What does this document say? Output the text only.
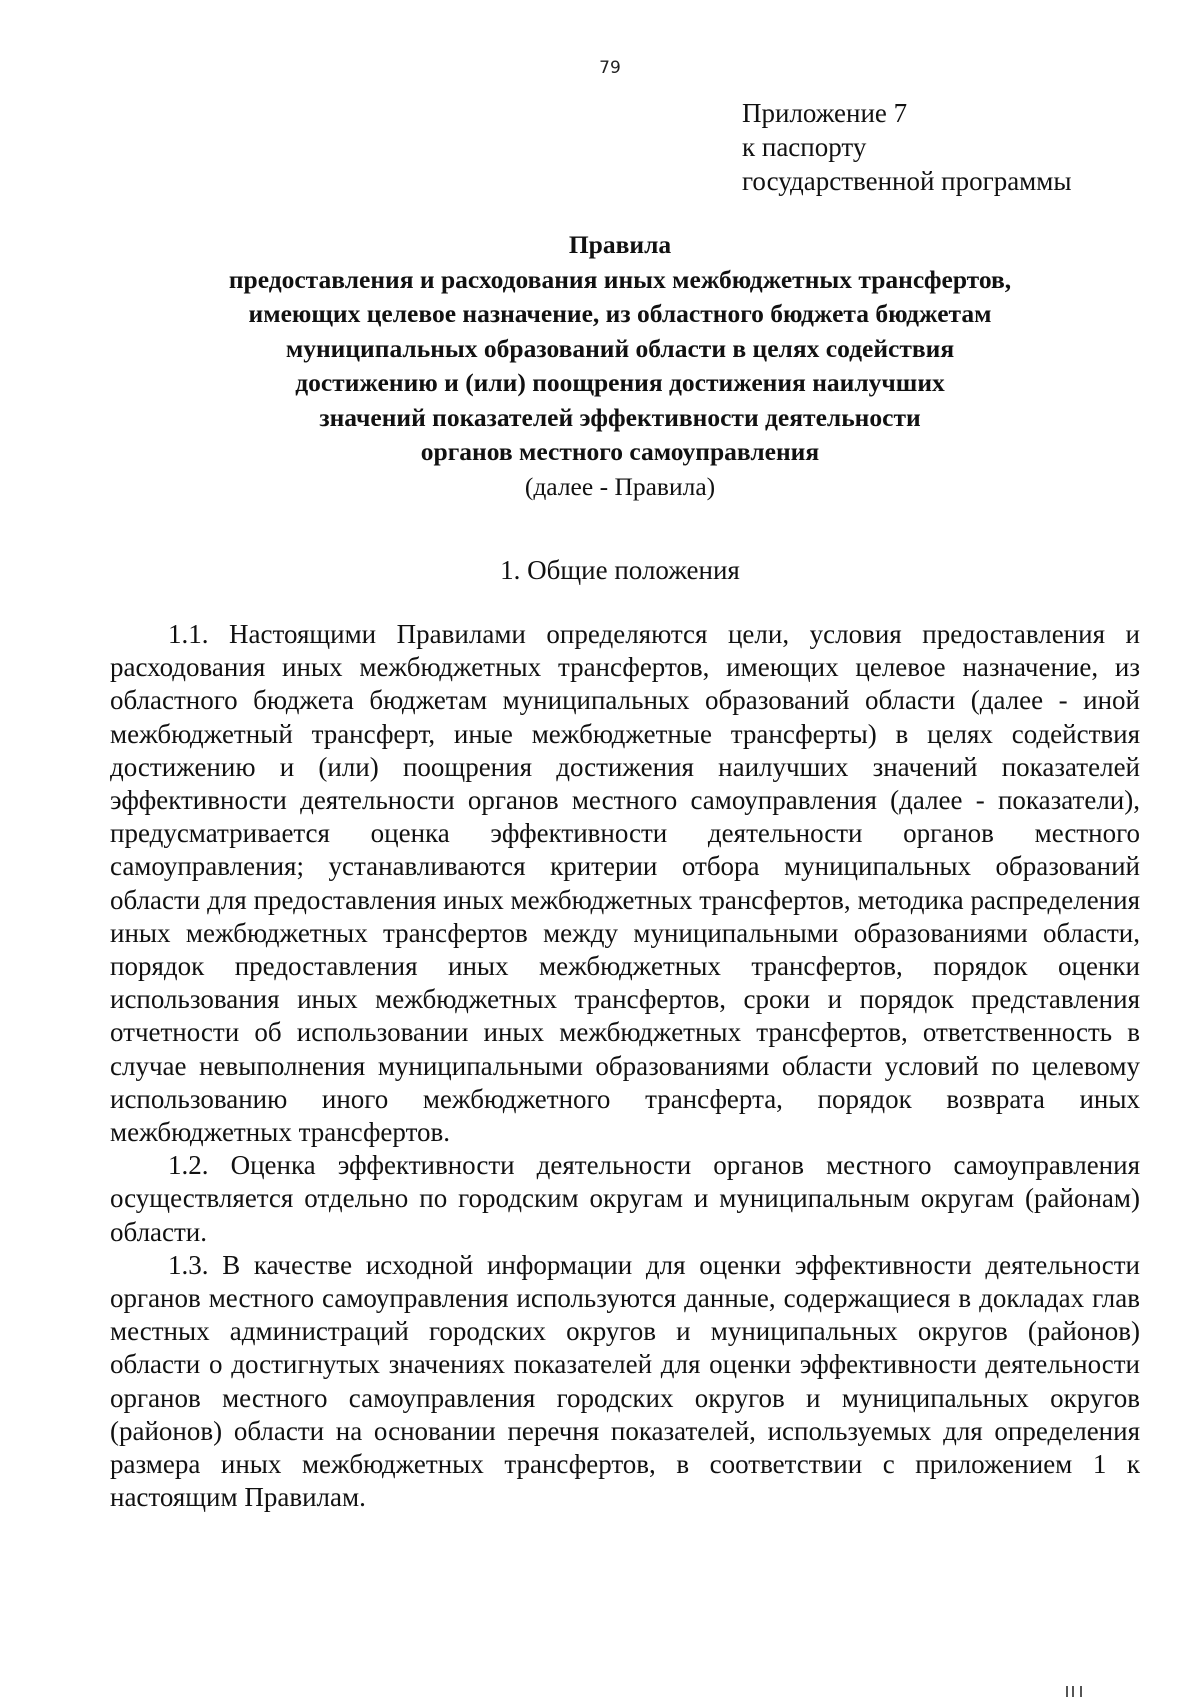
79
Приложение 7
к паспорту
государственной программы
Правила
предоставления и расходования иных межбюджетных трансфертов,
имеющих целевое назначение, из областного бюджета бюджетам
муниципальных образований области в целях содействия
достижению и (или) поощрения достижения наилучших
значений показателей эффективности деятельности
органов местного самоуправления
(далее - Правила)
1. Общие положения

1.1. Настоящими Правилами определяются цели, условия предоставления и расходования иных межбюджетных трансфертов, имеющих целевое назначение, из областного бюджета бюджетам муниципальных образований области (далее - иной межбюджетный трансферт, иные межбюджетные трансферты) в целях содействия достижению и (или) поощрения достижения наилучших значений показателей эффективности деятельности органов местного самоуправления (далее - показатели), предусматривается оценка эффективности деятельности органов местного самоуправления; устанавливаются критерии отбора муниципальных образований области для предоставления иных межбюджетных трансфертов, методика распределения иных межбюджетных трансфертов между муниципальными образованиями области, порядок предоставления иных межбюджетных трансфертов, порядок оценки использования иных межбюджетных трансфертов, сроки и порядок представления отчетности об использовании иных межбюджетных трансфертов, ответственность в случае невыполнения муниципальными образованиями области условий по целевому использованию иного межбюджетного трансферта, порядок возврата иных межбюджетных трансфертов.

1.2. Оценка эффективности деятельности органов местного самоуправления осуществляется отдельно по городским округам и муниципальным округам (районам) области.

1.3. В качестве исходной информации для оценки эффективности деятельности органов местного самоуправления используются данные, содержащиеся в докладах глав местных администраций городских округов и муниципальных округов (районов) области о достигнутых значениях показателей для оценки эффективности деятельности органов местного самоуправления городских округов и муниципальных округов (районов) области на основании перечня показателей, используемых для определения размера иных межбюджетных трансфертов, в соответствии с приложением 1 к настоящим Правилам.
